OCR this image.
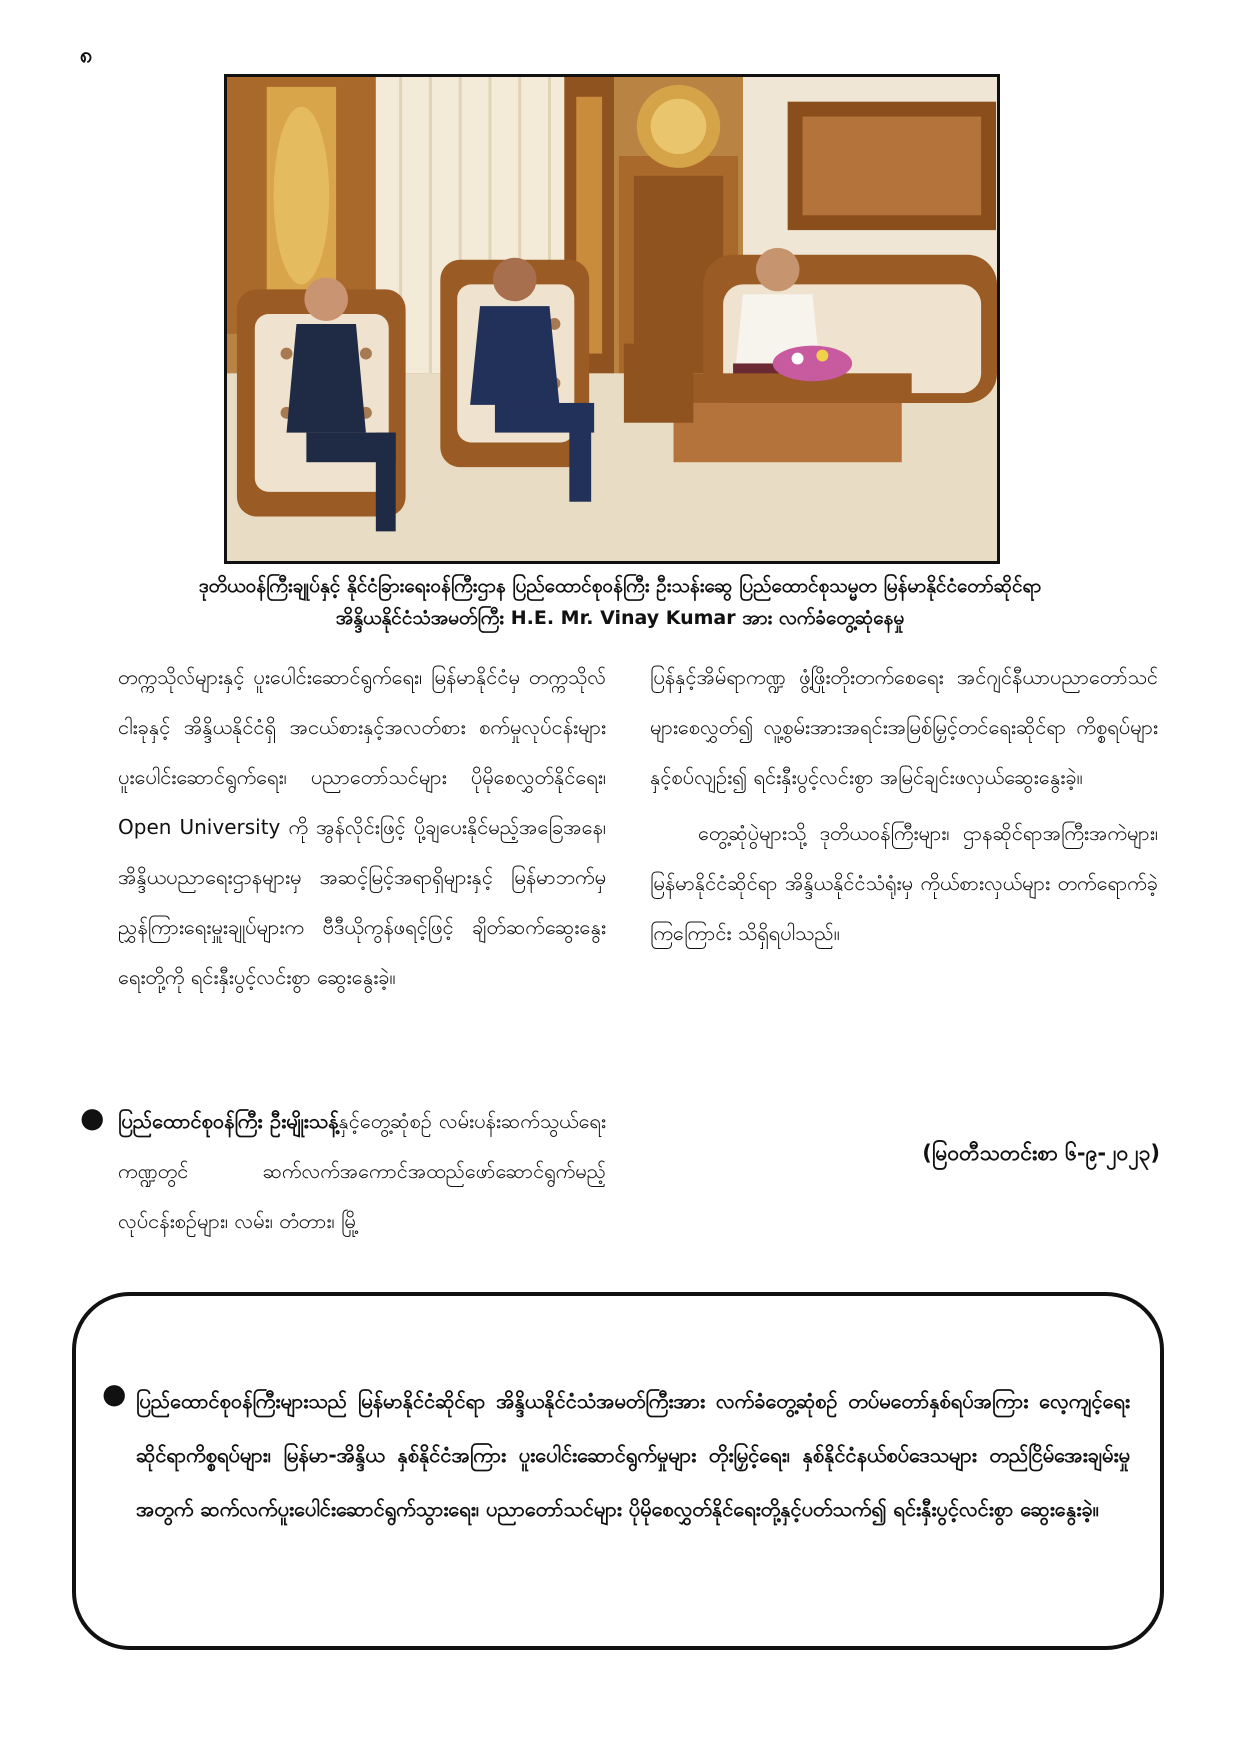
၈
ဒုတိယဝန်ကြီးချုပ်နှင့် နိုင်ငံခြားရေးဝန်ကြီးဌာန ပြည်ထောင်စုဝန်ကြီး ဦးသန်းဆွေ ပြည်ထောင်စုသမ္မတ မြန်မာနိုင်ငံတော်ဆိုင်ရာ
အိန္ဒိယနိုင်ငံသံအမတ်ကြီး H.E. Mr. Vinay Kumar အား လက်ခံတွေ့ဆုံနေမှု

တက္ကသိုလ်များနှင့် ပူးပေါင်းဆောင်ရွက်ရေး၊ မြန်မာနိုင်ငံမှ တက္ကသိုလ်ငါးခုနှင့် အိန္ဒိယနိုင်ငံရှိ အငယ်စားနှင့်အလတ်စား စက်မှုလုပ်ငန်းများ ပူးပေါင်းဆောင်ရွက်ရေး၊ ပညာတော်သင်များ ပိုမိုစေလွှတ်နိုင်ရေး၊ Open University ကို အွန်လိုင်းဖြင့် ပို့ချပေးနိုင်မည့်အခြေအနေ၊ အိန္ဒိယပညာရေးဌာနများမှ အဆင့်မြင့်အရာရှိများနှင့် မြန်မာဘက်မှ ညွှန်ကြားရေးမှူးချုပ်များက ဗီဒီယိုကွန်ဖရင့်ဖြင့် ချိတ်ဆက်ဆွေးနွေးရေးတို့ကို ရင်းနှီးပွင့်လင်းစွာ ဆွေးနွေးခဲ့။

ပြန်နှင့်အိမ်ရာကဏ္ဍ ဖွံ့ဖြိုးတိုးတက်စေရေး အင်ဂျင်နီယာပညာတော်သင်များစေလွှတ်၍ လူ့စွမ်းအားအရင်းအမြစ်မြှင့်တင်ရေးဆိုင်ရာ ကိစ္စရပ်များနှင့်စပ်လျဉ်း၍ ရင်းနှီးပွင့်လင်းစွာ အမြင်ချင်းဖလှယ်ဆွေးနွေးခဲ့။

တွေ့ဆုံပွဲများသို့ ဒုတိယဝန်ကြီးများ၊ ဌာနဆိုင်ရာအကြီးအကဲများ၊ မြန်မာနိုင်ငံဆိုင်ရာ အိန္ဒိယနိုင်ငံသံရုံးမှ ကိုယ်စားလှယ်များ တက်ရောက်ခဲ့ကြကြောင်း သိရှိရပါသည်။

● ပြည်ထောင်စုဝန်ကြီး ဦးမျိုးသန့်နှင့်တွေ့ဆုံစဉ် လမ်းပန်းဆက်သွယ်ရေးကဏ္ဍတွင် ဆက်လက်အကောင်အထည်ဖော်ဆောင်ရွက်မည့် လုပ်ငန်းစဉ်များ၊ လမ်း၊ တံတား၊ မြို့
(မြဝတီသတင်းစာ ၆-၉-၂၀၂၃)
● ပြည်ထောင်စုဝန်ကြီးများသည် မြန်မာနိုင်ငံဆိုင်ရာ အိန္ဒိယနိုင်ငံသံအမတ်ကြီးအား လက်ခံတွေ့ဆုံစဉ် တပ်မတော်နှစ်ရပ်အကြား လေ့ကျင့်ရေးဆိုင်ရာကိစ္စရပ်များ၊ မြန်မာ-အိန္ဒိယ နှစ်နိုင်ငံအကြား ပူးပေါင်းဆောင်ရွက်မှုများ တိုးမြှင့်ရေး၊ နှစ်နိုင်ငံနယ်စပ်ဒေသများ တည်ငြိမ်အေးချမ်းမှုအတွက် ဆက်လက်ပူးပေါင်းဆောင်ရွက်သွားရေး၊ ပညာတော်သင်များ ပိုမိုစေလွှတ်နိုင်ရေးတို့နှင့်ပတ်သက်၍ ရင်းနှီးပွင့်လင်းစွာ ဆွေးနွေးခဲ့။
